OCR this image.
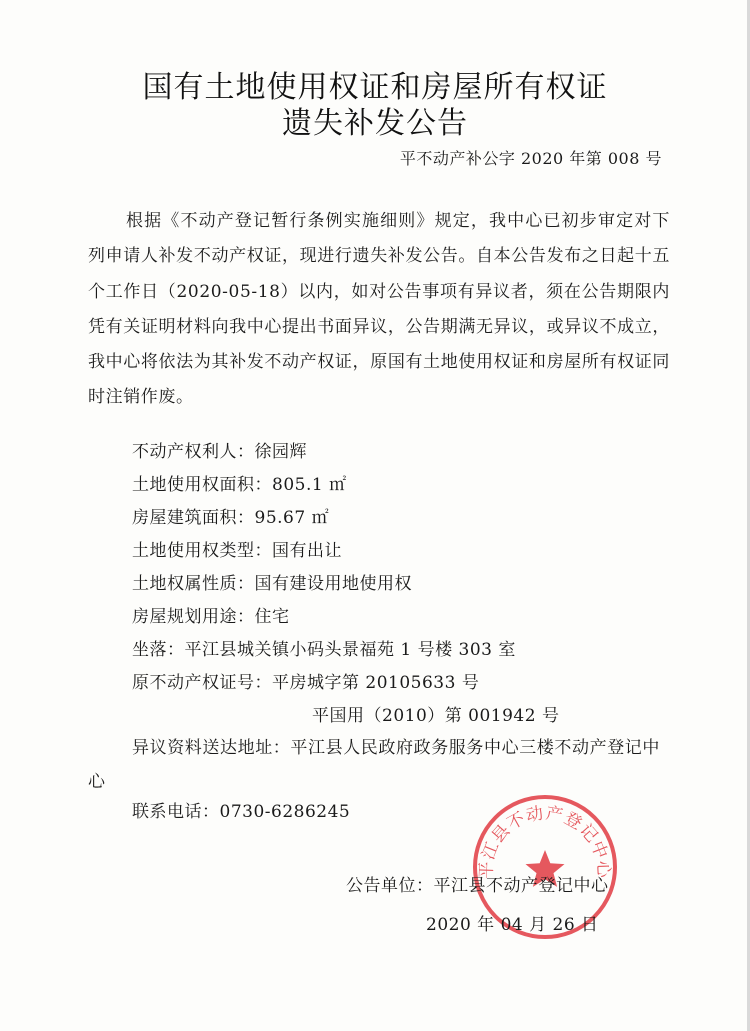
国有土地使用权证和房屋所有权证
遗失补发公告
平不动产补公字 2020 年第 008 号
根据《不动产登记暂行条例实施细则》规定，我中心已初步审定对下列申请人补发不动产权证，现进行遗失补发公告。自本公告发布之日起十五个工作日（2020-05-18）以内，如对公告事项有异议者，须在公告期限内凭有关证明材料向我中心提出书面异议，公告期满无异议，或异议不成立，我中心将依法为其补发不动产权证，原国有土地使用权证和房屋所有权证同时注销作废。
不动产权利人：徐园辉
土地使用权面积：805.1 ㎡
房屋建筑面积：95.67 ㎡
土地使用权类型：国有出让
土地权属性质：国有建设用地使用权
房屋规划用途：住宅
坐落：平江县城关镇小码头景福苑 1 号楼 303 室
原不动产权证号：平房城字第 20105633 号
平国用（2010）第 001942 号
异议资料送达地址：平江县人民政府政务服务中心三楼不动产登记中心
联系电话：0730-6286245
平江县不动产登记中心
公告单位：平江县不动产登记中心
2020 年 04 月 26 日
